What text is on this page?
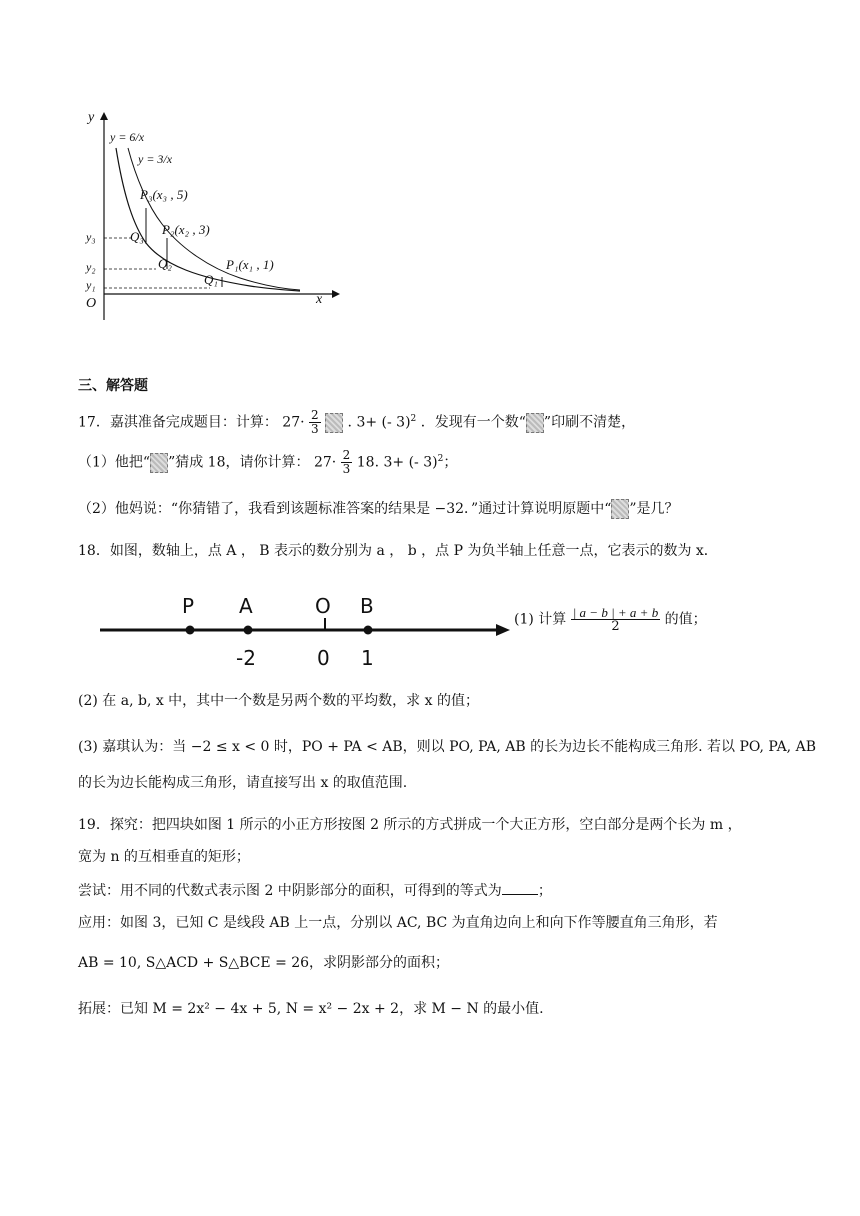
y
x
O
y = 6/x
y = 3/x
P₃(x₃ , 5)
P₂(x₂ , 3)
P₁(x₁ , 1)
Q₃
Q₂
Q₁
y₃
y₂
y₁
三、解答题
17．嘉淇准备完成题目：计算： $27\cdot \frac{2}{3}$ . 3+ (- 3)$^2$ ．发现有一个数“ ”印刷不清楚，
（1）他把“ ”猜成 18，请你计算： $27\cdot \frac{2}{3} 18$. 3+ (- 3)$^2$；
（2）他妈说：“你猜错了，我看到该题标准答案的结果是 −32．”通过计算说明原题中“ ”是几？
18．如图，数轴上，点 A ， B 表示的数分别为 a ， b ，点 P 为负半轴上任意一点，它表示的数为 x．
P A	O B
-2	0 1
(1) 计算 $\frac{| a - b | + a + b}{2}$ 的值；
(2) 在 a, b, x 中，其中一个数是另两个数的平均数，求 x 的值；
(3) 嘉琪认为：当 −2 ≤ x < 0 时，PO + PA < AB，则以 PO, PA, AB 的长为边长不能构成三角形. 若以 PO, PA, AB
的长为边长能构成三角形，请直接写出 x 的取值范围.
19．探究：把四块如图 1 所示的小正方形按图 2 所示的方式拼成一个大正方形，空白部分是两个长为 m ，
宽为 n 的互相垂直的矩形；
尝试：用不同的代数式表示图 2 中阴影部分的面积，可得到的等式为	；
应用：如图 3，已知 C 是线段 AB 上一点，分别以 AC, BC 为直角边向上和向下作等腰直角三角形，若
AB = 10, S△ACD + S△BCE = 26，求阴影部分的面积；
拓展：已知 M = 2x² − 4x + 5, N = x² − 2x + 2，求 M − N 的最小值.
